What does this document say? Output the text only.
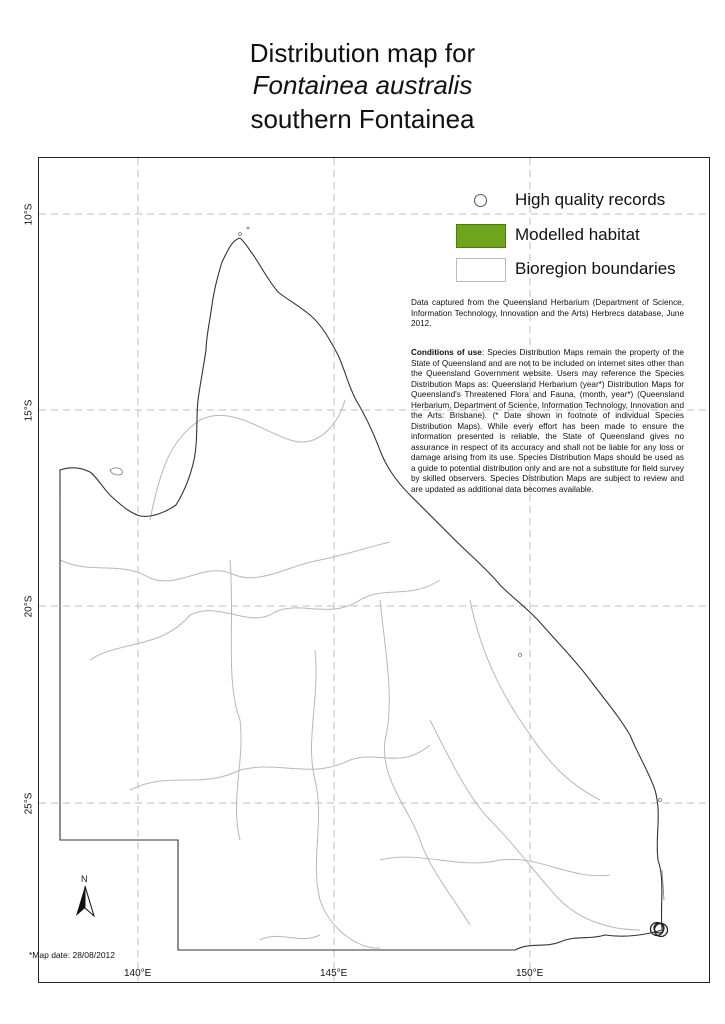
Distribution map for
Fontainea australis
southern Fontainea
10°S
15°S
20°S
25°S
140°E	145°E	150°E
High quality records
Modelled habitat
Bioregion boundaries

Data captured from the Queensland Herbarium (Department of Science, Information Technology, Innovation and the Arts) Herbrecs database, June 2012.

Conditions of use: Species Distribution Maps remain the property of the State of Queensland and are not to be included on internet sites other than the Queensland Government website. Users may reference the Species Distribution Maps as: Queensland Herbarium (year*) Distribution Maps for Queensland's Threatened Flora and Fauna, (month, year*) (Queensland Herbarium, Department of Science, Information Technology, Innovation and the Arts: Brisbane). (* Date shown in footnote of individual Species Distribution Maps). While every effort has been made to ensure the information presented is reliable, the State of Queensland gives no assurance in respect of its accuracy and shall not be liable for any loss or damage arising from its use. Species Distribution Maps should be used as a guide to potential distribution only and are not a substitute for field survey by skilled observers. Species Distribution Maps are subject to review and are updated as additional data becomes available.

N
*Map date: 28/08/2012
